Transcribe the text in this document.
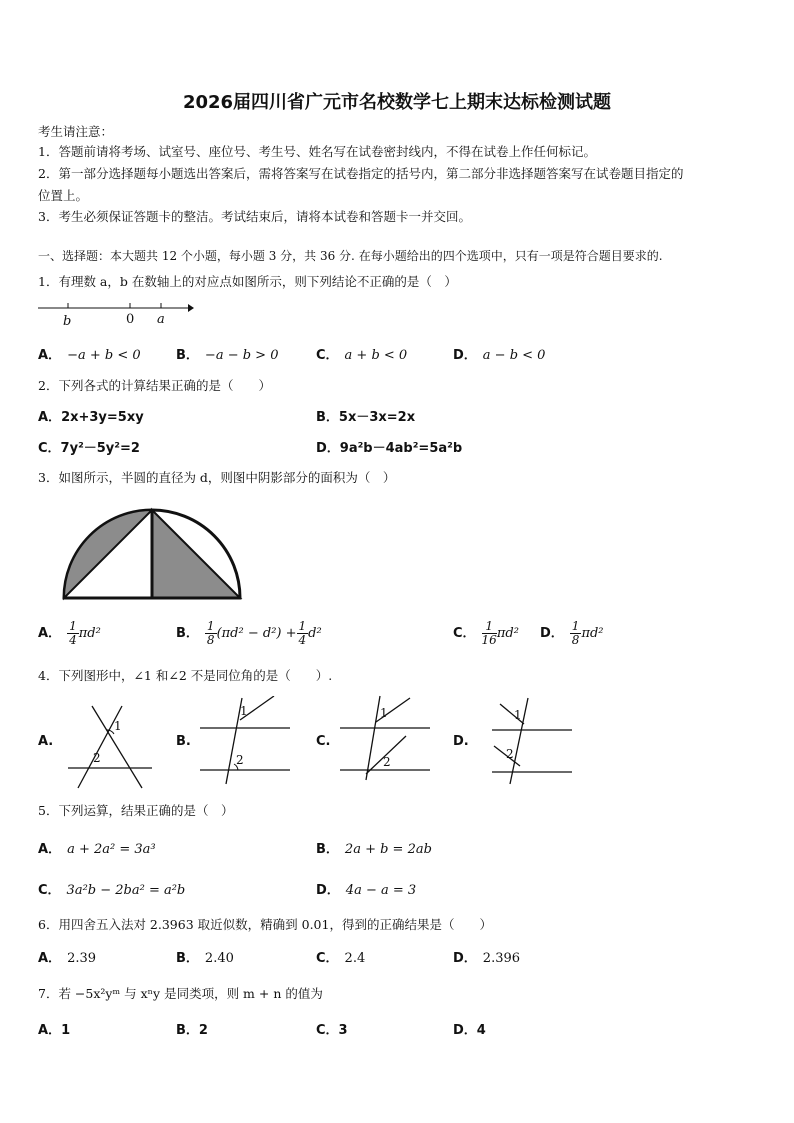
2026届四川省广元市名校数学七上期末达标检测试题
考生请注意：
1．答题前请将考场、试室号、座位号、考生号、姓名写在试卷密封线内，不得在试卷上作任何标记。
2．第一部分选择题每小题选出答案后，需将答案写在试卷指定的括号内，第二部分非选择题答案写在试卷题目指定的
位置上。
3．考生必须保证答题卡的整洁。考试结束后，请将本试卷和答题卡一并交回。
一、选择题：本大题共 12 个小题，每小题 3 分，共 36 分. 在每小题给出的四个选项中，只有一项是符合题目要求的.
1．有理数 a，b 在数轴上的对应点如图所示，则下列结论不正确的是（　）
b	0 a
A． −a + b < 0	B． −a − b > 0	C． a + b < 0	D． a − b < 0
2．下列各式的计算结果正确的是（　　）
A．2x+3y=5xy	B．5x－3x=2x
C．7y²－5y²=2	D．9a²b－4ab²=5a²b
3．如图所示，半圆的直径为 d，则图中阴影部分的面积为（　）
A． $\frac{1}{4} \pi d^2$	B． $\frac{1}{8} (\pi d^2 - d^2) + \frac{1}{4} d^2$	C． $\frac{1}{16} \pi d^2$ D． $\frac{1}{8} \pi d^2$
4．下列图形中，∠1 和∠2 不是同位角的是（　　）.
A.
1
2
B.
1
2
C.
1
2
D.
1
2
5．下列运算，结果正确的是（　）
A． a + 2a² = 3a³	B． 2a + b = 2ab
C． 3a²b − 2ba² = a²b	D． 4a − a = 3
6．用四舍五入法对 2.3963 取近似数，精确到 0.01，得到的正确结果是（　　）
A． 2.39	B． 2.40	C． 2.4	D． 2.396
7．若 −5x²yᵐ 与 xⁿy 是同类项，则 m + n 的值为
A．1	B．2	C．3	D．4
